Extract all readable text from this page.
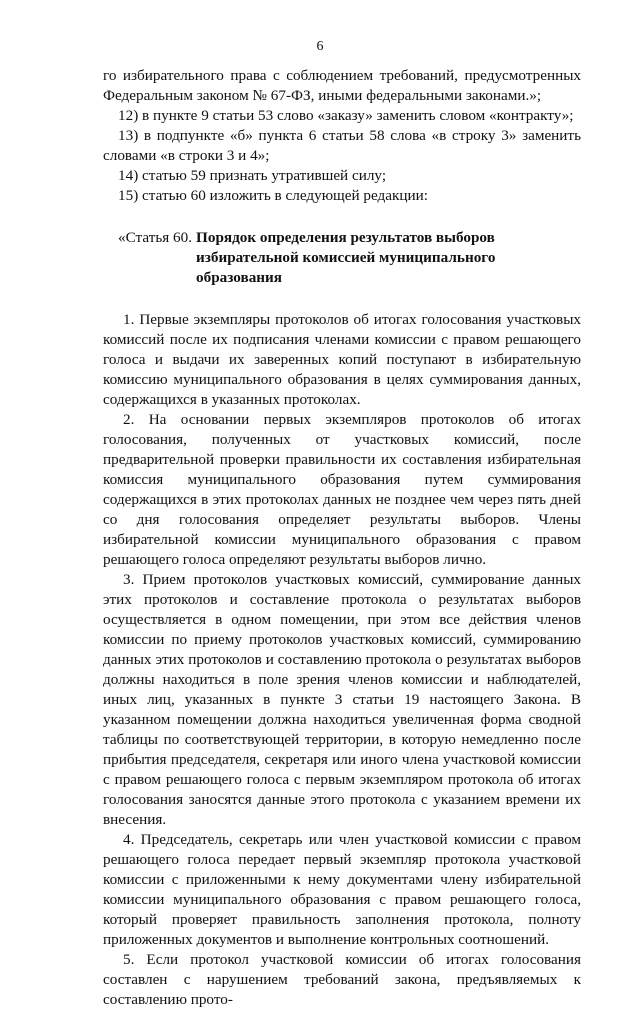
6

го избирательного права с соблюдением требований, предусмотренных Федеральным законом № 67-ФЗ, иными федеральными законами.»;

12) в пункте 9 статьи 53 слово «заказу» заменить словом «контракту»;

13) в подпункте «б» пункта 6 статьи 58 слова «в строку 3» заменить словами «в строки 3 и 4»;

14) статью 59 признать утратившей силу;

15) статью 60 изложить в следующей редакции:

«Статья 60. Порядок определения результатов выборов избирательной комиссией муниципального образования

1. Первые экземпляры протоколов об итогах голосования участковых комиссий после их подписания членами комиссии с правом решающего голоса и выдачи их заверенных копий поступают в избирательную комиссию муниципального образования в целях суммирования данных, содержащихся в указанных протоколах.

2. На основании первых экземпляров протоколов об итогах голосования, полученных от участковых комиссий, после предварительной проверки правильности их составления избирательная комиссия муниципального образования путем суммирования содержащихся в этих протоколах данных не позднее чем через пять дней со дня голосования определяет результаты выборов. Члены избирательной комиссии муниципального образования с правом решающего голоса определяют результаты выборов лично.

3. Прием протоколов участковых комиссий, суммирование данных этих протоколов и составление протокола о результатах выборов осуществляется в одном помещении, при этом все действия членов комиссии по приему протоколов участковых комиссий, суммированию данных этих протоколов и составлению протокола о результатах выборов должны находиться в поле зрения членов комиссии и наблюдателей, иных лиц, указанных в пункте 3 статьи 19 настоящего Закона. В указанном помещении должна находиться увеличенная форма сводной таблицы по соответствующей территории, в которую немедленно после прибытия председателя, секретаря или иного члена участковой комиссии с правом решающего голоса с первым экземпляром протокола об итогах голосования заносятся данные этого протокола с указанием времени их внесения.

4. Председатель, секретарь или член участковой комиссии с правом решающего голоса передает первый экземпляр протокола участковой комиссии с приложенными к нему документами члену избирательной комиссии муниципального образования с правом решающего голоса, который проверяет правильность заполнения протокола, полноту приложенных документов и выполнение контрольных соотношений.

5. Если протокол участковой комиссии об итогах голосования составлен с нарушением требований закона, предъявляемых к составлению прото-
